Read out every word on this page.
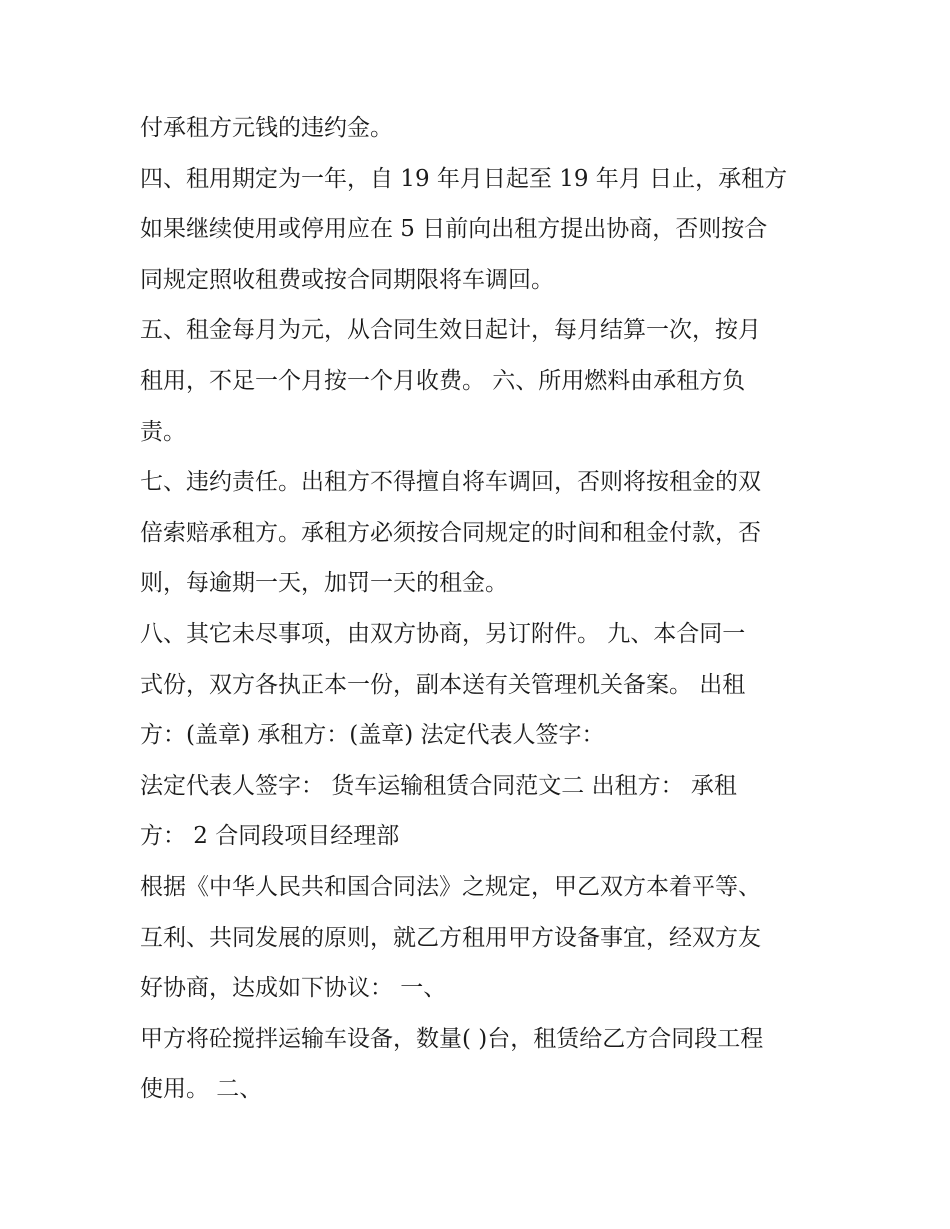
付承租方元钱的违约金。
四、租用期定为一年，自 19 年月日起至 19 年月 日止，承租方
如果继续使用或停用应在 5 日前向出租方提出协商，否则按合
同规定照收租费或按合同期限将车调回。
五、租金每月为元，从合同生效日起计，每月结算一次，按月
租用，不足一个月按一个月收费。 六、所用燃料由承租方负
责。
七、违约责任。出租方不得擅自将车调回，否则将按租金的双
倍索赔承租方。承租方必须按合同规定的时间和租金付款，否
则，每逾期一天，加罚一天的租金。
八、其它未尽事项，由双方协商，另订附件。 九、本合同一
式份，双方各执正本一份，副本送有关管理机关备案。 出租
方：(盖章) 承租方：(盖章) 法定代表人签字：
法定代表人签字： 货车运输租赁合同范文二 出租方： 承租
方： 2 合同段项目经理部
根据《中华人民共和国合同法》之规定，甲乙双方本着平等、
互利、共同发展的原则，就乙方租用甲方设备事宜，经双方友
好协商，达成如下协议： 一、
甲方将砼搅拌运输车设备，数量( )台，租赁给乙方合同段工程
使用。 二、
